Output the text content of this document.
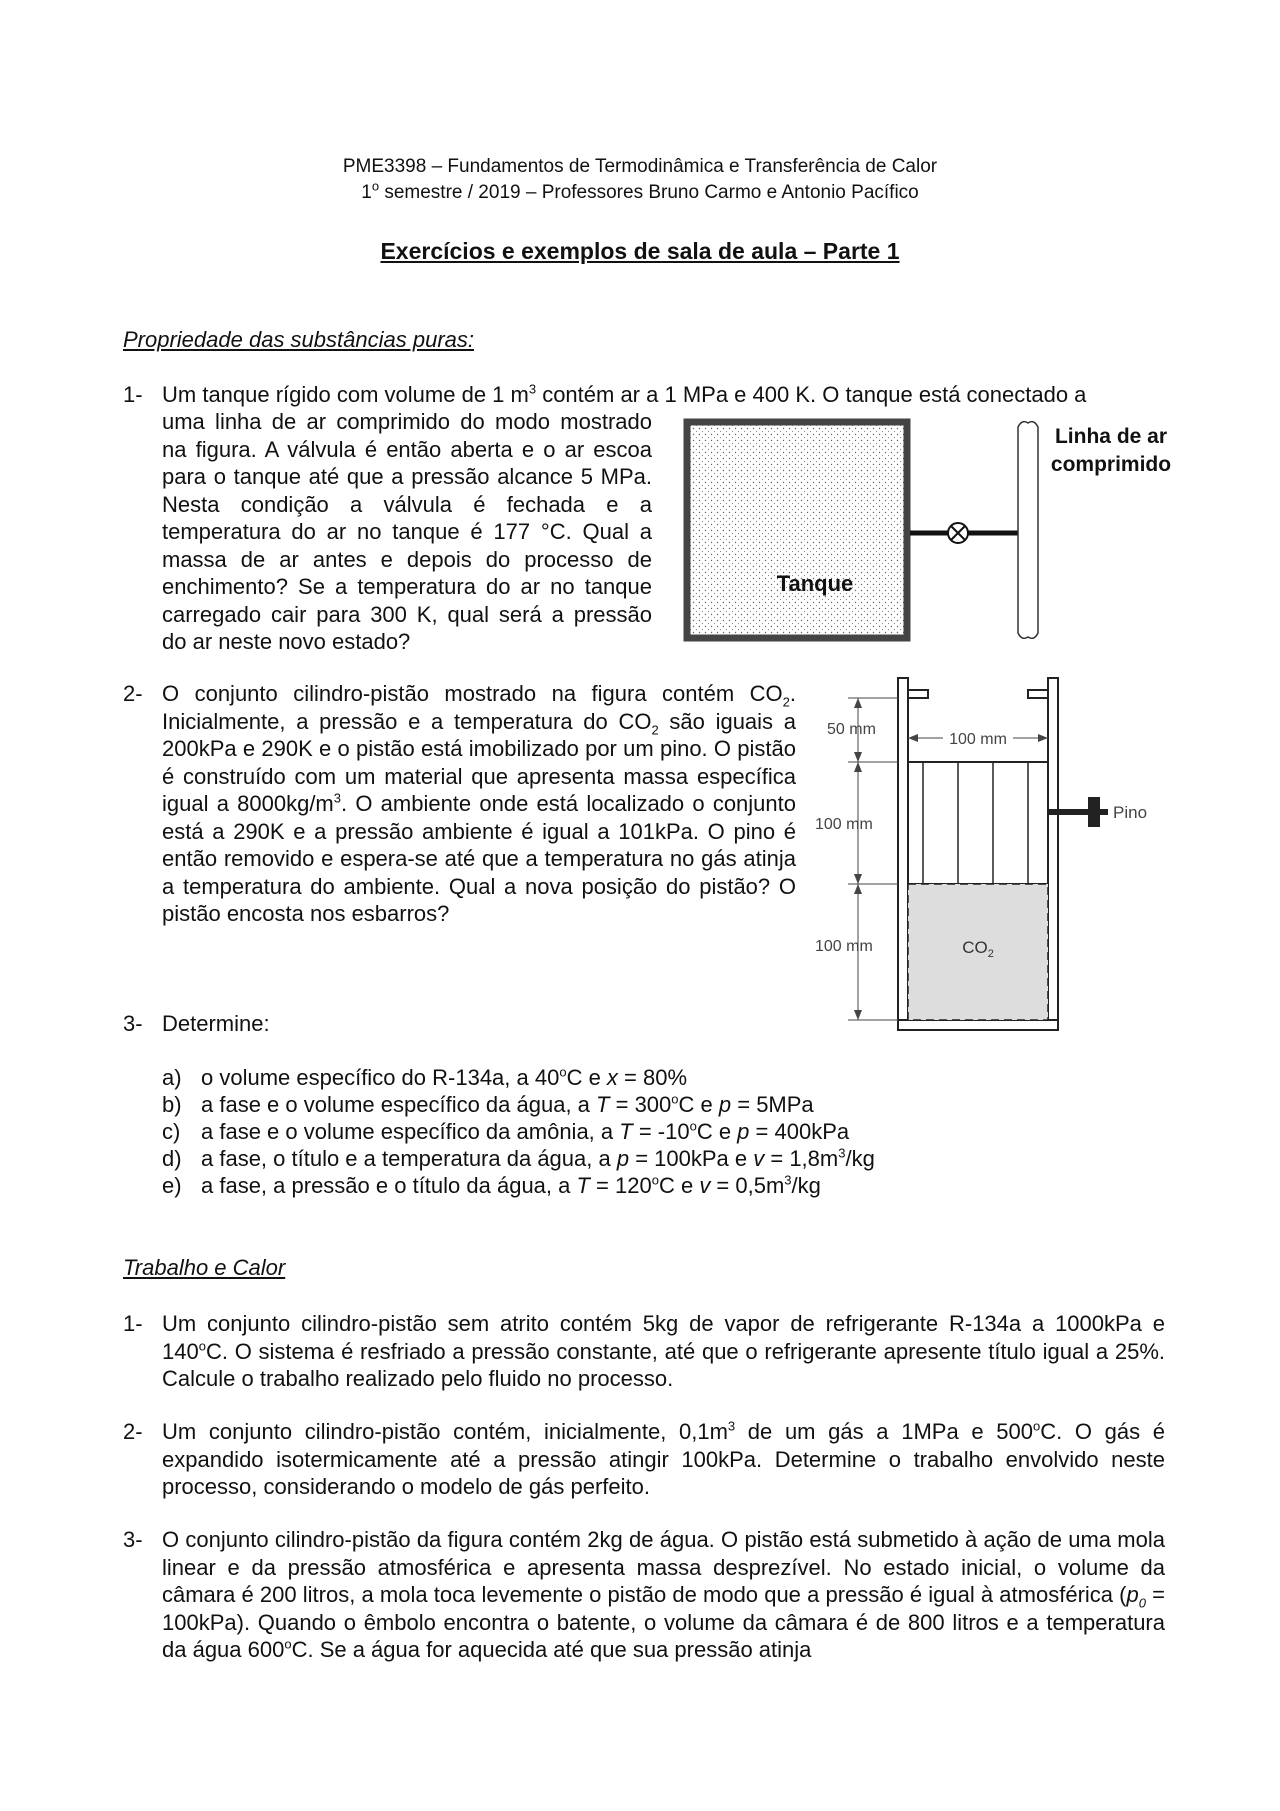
PME3398 – Fundamentos de Termodinâmica e Transferência de Calor
1$^o$ semestre / 2019 – Professores Bruno Carmo e Antonio Pacífico
Exercícios e exemplos de sala de aula – Parte 1
Propriedade das substâncias puras:
1- Um tanque rígido com volume de 1 $m^3$ contém ar a 1 MPa e 400 K. O tanque está conectado a
uma linha de ar comprimido do modo mostrado na figura. A válvula é então aberta e o ar escoa para o tanque até que a pressão alcance 5 MPa. Nesta condição a válvula é fechada e a temperatura do ar no tanque é 177 °C. Qual a massa de ar antes e depois do processo de enchimento? Se a temperatura do ar no tanque carregado cair para 300 K, qual será a pressão do ar neste novo estado?
Tanque
Linha de ar
comprimido
2- O conjunto cilindro-pistão mostrado na figura contém $CO_2$. Inicialmente, a pressão e a temperatura do $CO_2$ são iguais a 200kPa e 290K e o pistão está imobilizado por um pino. O pistão é construído com um material que apresenta massa específica igual a $8000kg/m^3$. O ambiente onde está localizado o conjunto está a 290K e a pressão ambiente é igual a 101kPa. O pino é então removido e espera-se até que a temperatura no gás atinja a temperatura do ambiente. Qual a nova posição do pistão? O pistão encosta nos esbarros?
Pino
50 mm
100 mm
100 mm
100 mm
$CO_2$
3- Determine:
a) o volume específico do R-134a, a 40$^o$C e x = 80%
b) a fase e o volume específico da água, a $T = 300^oC$ e p = 5MPa
c) a fase e o volume específico da amônia, a $T = -10^oC$ e p = 400kPa
d) a fase, o título e a temperatura da água, a p = 100kPa e $v = 1,8m^3/kg$
e) a fase, a pressão e o título da água, a $T = 120^oC$ e $v = 0,5m^3/kg$
Trabalho e Calor
1- Um conjunto cilindro-pistão sem atrito contém 5kg de vapor de refrigerante R-134a a 1000kPa e 140$^o$C. O sistema é resfriado a pressão constante, até que o refrigerante apresente título igual a 25%. Calcule o trabalho realizado pelo fluido no processo.
2- Um conjunto cilindro-pistão contém, inicialmente, $0,1m^3$ de um gás a 1MPa e 500$^o$C. O gás é expandido isotermicamente até a pressão atingir 100kPa. Determine o trabalho envolvido neste processo, considerando o modelo de gás perfeito.
3- O conjunto cilindro-pistão da figura contém 2kg de água. O pistão está submetido à ação de uma mola linear e da pressão atmosférica e apresenta massa desprezível. No estado inicial, o volume da câmara é 200 litros, a mola toca levemente o pistão de modo que a pressão é igual à atmosférica $(p_0 = 100kPa)$. Quando o êmbolo encontra o batente, o volume da câmara é de 800 litros e a temperatura da água 600$^o$C. Se a água for aquecida até que sua pressão atinja
